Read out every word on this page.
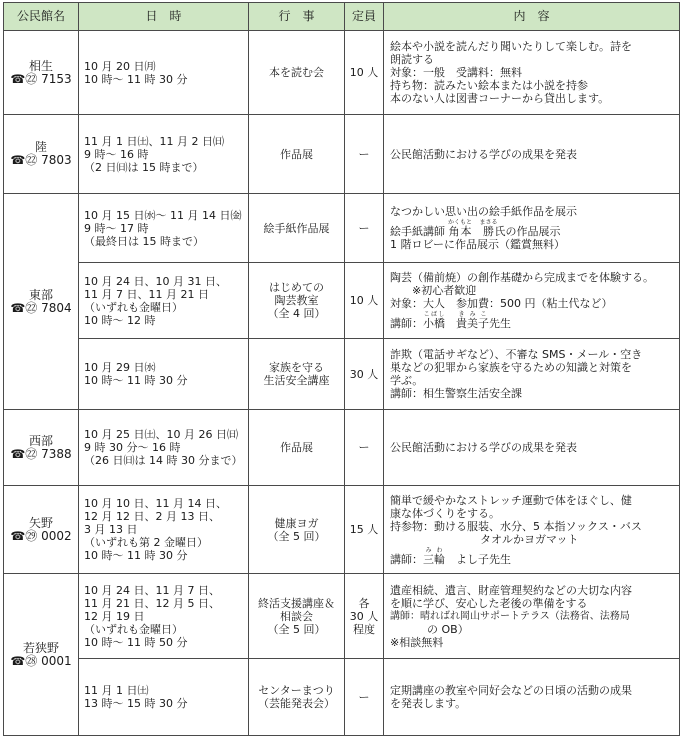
公民館名	日　時	行　事	定員	内　容

相生
☎㉒ 7153	10 月 20 日㈪
10 時～ 11 時 30 分	本を読む会	10 人	絵本や小説を読んだり聞いたりして楽しむ。詩を
朗読する
対象：一般　受講料：無料
持ち物：読みたい絵本または小説を持参
本のない人は図書コーナーから貸出します。

陸
☎㉒ 7803	11 月 1 日㈯、11 月 2 日㈰
9 時～ 16 時
（2 日㈰は 15 時まで）	作品展	ー	公民館活動における学びの成果を発表

東部
☎㉒ 7804	10 月 15 日㈬～ 11 月 14 日㈮
9 時～ 17 時
（最終日は 15 時まで）	絵手紙作品展	ー	なつかしい思い出の絵手紙作品を展示
絵手紙講師 角本かくもと　勝まさる氏の作品展示
1 階ロビーに作品展示（鑑賞無料）

	10 月 24 日、10 月 31 日、
11 月 7 日、11 月 21 日
（いずれも金曜日）
10 時～ 12 時	はじめての
陶芸教室
（全 4 回）	10 人	陶芸（備前焼）の創作基礎から完成までを体験する。
※初心者歓迎
対象：大人　参加費：500 円（粘土代など）
講師：小橋こばし　貴美子きみこ先生

	10 月 29 日㈬
10 時～ 11 時 30 分	家族を守る
生活安全講座	30 人	詐欺（電話サギなど）、不審な SMS・メール・空き
巣などの犯罪から家族を守るための知識と対策を
学ぶ。
講師：相生警察生活安全課

西部
☎㉒ 7388	10 月 25 日㈯、10 月 26 日㈰
9 時 30 分～ 16 時
（26 日㈰は 14 時 30 分まで）	作品展	ー	公民館活動における学びの成果を発表

矢野
☎㉙ 0002	10 月 10 日、11 月 14 日、
12 月 12 日、2 月 13 日、
3 月 13 日
（いずれも第 2 金曜日）
10 時～ 11 時 30 分	健康ヨガ
（全 5 回）	15 人	簡単で緩やかなストレッチ運動で体をほぐし、健
康な体づくりをする。
持参物：動ける服装、水分、5 本指ソックス・バス
タオルかヨガマット
講師：三輪みわ　よし子先生

若狭野
☎㉘ 0001	10 月 24 日、11 月 7 日、
11 月 21 日、12 月 5 日、
12 月 19 日
（いずれも金曜日）
10 時～ 11 時 50 分	終活支援講座＆
相談会
（全 5 回）	各
30 人
程度	遺産相続、遺言、財産管理契約などの大切な内容
を順に学び、安心した老後の準備をする
講師：晴ればれ岡山サポートテラス（法務省、法務局
の OB）
※相談無料

	11 月 1 日㈯
13 時～ 15 時 30 分	センターまつり
（芸能発表会）	ー	定期講座の教室や同好会などの日頃の活動の成果
を発表します。
